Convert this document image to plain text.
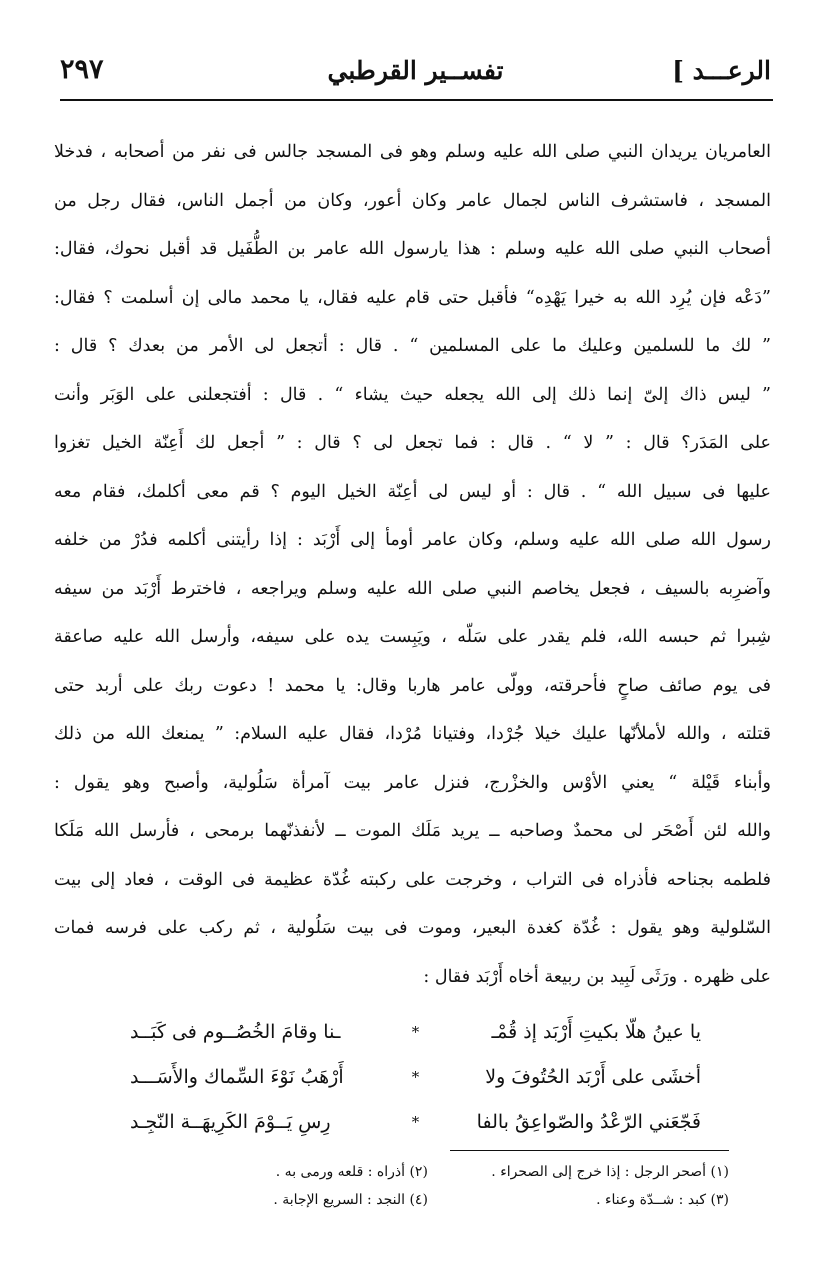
الرعـــد ]
تفســير القرطبي
٢٩٧
العامريان يريدان النبي صلى الله عليه وسلم وهو فى المسجد جالس فى نفر من أصحابه ، فدخلا
المسجد ، فاستشرف الناس لجمال عامر وكان أعور، وكان من أجمل الناس، فقال رجل من
أصحاب النبي صلى الله عليه وسلم : هذا يارسول الله عامر بن الطُّفَيل قد أقبل نحوك، فقال:
”دَعْه فإن يُرِد الله به خيرا يَهْدِه“ فأقبل حتى قام عليه فقال، يا محمد مالى إن أسلمت ؟ فقال:
” لك ما للسلمين وعليك ما على المسلمين “ . قال : أتجعل لى الأمر من بعدك ؟ قال :
” ليس ذاك إلىّ إنما ذلك إلى الله يجعله حيث يشاء “ . قال : أفتجعلنى على الوَبَر وأنت
على المَدَر؟ قال : ” لا “ . قال : فما تجعل لى ؟ قال : ” أجعل لك أَعِنّة الخيل تغزوا
عليها فى سبيل الله “ . قال : أو ليس لى أعِنّة الخيل اليوم ؟ قم معى أكلمك، فقام معه
رسول الله صلى الله عليه وسلم، وكان عامر أومأ إلى أَرْبَد : إذا رأيتنى أكلمه فدُرْ من خلفه
وآضرِبه بالسيف ، فجعل يخاصم النبي صلى الله عليه وسلم ويراجعه ، فاخترط أَرْبَد من سيفه
شِبرا ثم حبسه الله، فلم يقدر على سَلّه ، ويَبِست يده على سيفه، وأرسل الله عليه صاعقة
فى يوم صائف صاحٍ فأحرقته، وولّى عامر هاربا وقال: يا محمد ! دعوت ربك على أربد حتى
قتلته ، والله لأملأنّها عليك خيلا جُرْدا، وفتيانا مُرْدا، فقال عليه السلام: ” يمنعك الله من ذلك
وأبناء قَيْلة “ يعني الأوْس والخزْرج، فنزل عامر بيت آمرأة سَلُولية، وأصبح وهو يقول :
والله لئن أَصْحَر لى محمدٌ وصاحبه ــ يريد مَلَك الموت ــ لأنفذنّهما برمحى ، فأرسل الله مَلَكا
فلطمه بجناحه فأذراه فى التراب ، وخرجت على ركبته غُدّة عظيمة فى الوقت ، فعاد إلى بيت
السّلولية وهو يقول : غُدّة كغدة البعير، وموت فى بيت سَلُولية ، ثم ركب على فرسه فمات
على ظهره . ورَثَى لَبِيد بن ربيعة أخاه أَرْبَد فقال :
يا عينُ هلّا بكيتِ أَرْبَد إذ قُمْـ
*
ـنا وقامَ الخُصُــوم فى كَبَــد
أخشَى على أَرْبَد الحُتُوفَ ولا
*
أَرْهَبُ نَوْءَ السِّماك والأَسَـــد
فَجّعَني الرّعْدُ والصّواعِقُ بالفا
*
رِسِ يَــوْمَ الكَرِيهَــة النّجِـد
(١) أصحر الرجل : إذا خرج إلى الصحراء .
(٢) أذراه : قلعه ورمى به .
(٣) كبد : شــدّة وعناء .
(٤) النجد : السريع الإجابة .
